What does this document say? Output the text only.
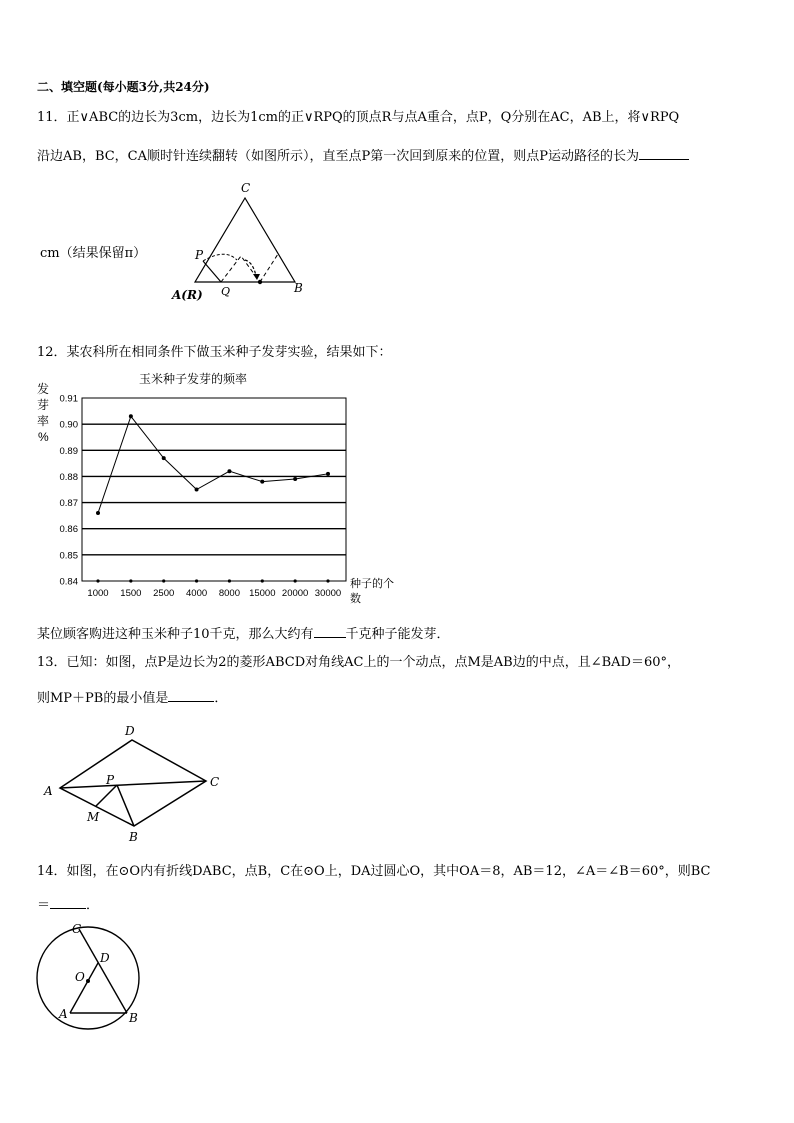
二、填空题(每小题3分,共24分)
11．正∨ABC的边长为3cm，边长为1cm的正∨RPQ的顶点R与点A重合，点P，Q分别在AC，AB上，将∨RPQ
沿边AB，BC，CA顺时针连续翻转（如图所示），直至点P第一次回到原来的位置，则点P运动路径的长为
cm（结果保留π）
C
P
Q	B
A(R)
12．某农科所在相同条件下做玉米种子发芽实验，结果如下：
玉米种子发芽的频率
发
芽
率
%
0.91
0.90
0.89
0.88
0.87
0.86
0.85
0.84
1000 1500 2500 4000 8000 15000 20000 30000
种子的个
数
某位顾客购进这种玉米种子10千克，那么大约有 千克种子能发芽．
13．已知：如图，点P是边长为2的菱形ABCD对角线AC上的一个动点，点M是AB边的中点，且∠BAD＝60°，
则MP＋PB的最小值是	．
D
A
C
P
M
B
14．如图，在⊙O内有折线DABC，点B，C在⊙O上，DA过圆心O，其中OA＝8，AB＝12，∠A＝∠B＝60°，则BC
＝	．
C
D
O
A	B
